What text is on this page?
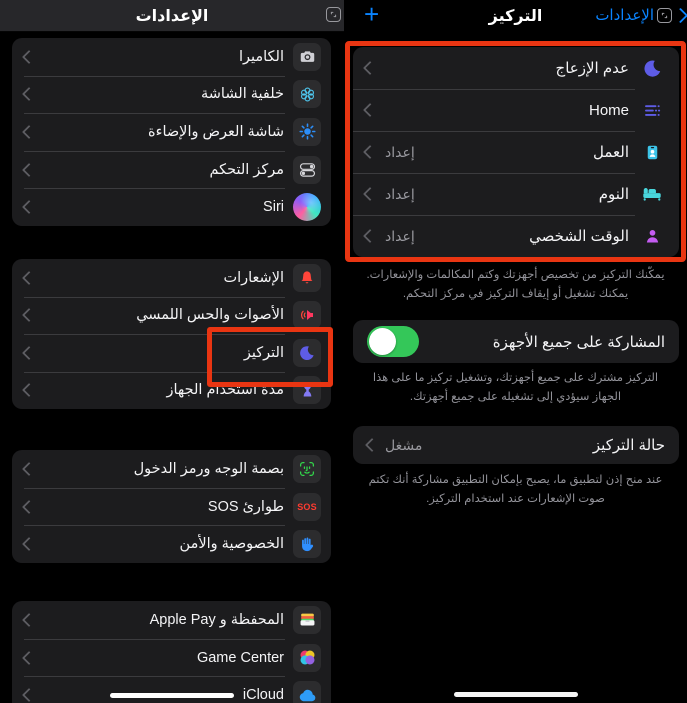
الإعدادات
الكاميرا
خلفية الشاشة
شاشة العرض والإضاءة
مركز التحكم
Siri
الإشعارات
الأصوات والحس اللمسي
التركيز
مدة استخدام الجهاز
بصمة الوجه ورمز الدخول
SOS
طوارئ SOS
الخصوصية والأمن
المحفظة و Apple Pay
Game Center
iCloud
التركيز
+	الإعدادات
عدم الإزعاج
Home
العمل
إعداد
النوم
إعداد
الوقت الشخصي
إعداد
يمكّنك التركيز من تخصيص أجهزتك وكتم المكالمات والإشعارات. يمكنك تشغيل أو إيقاف التركيز في مركز التحكم.
المشاركة على جميع الأجهزة
التركيز مشترك على جميع أجهزتك، وتشغيل تركيز ما على هذا الجهاز سيؤدي إلى تشغيله على جميع أجهزتك.
حالة التركيز
مشغل
عند منح إذن لتطبيق ما، يصبح بإمكان التطبيق مشاركة أنك تكتم صوت الإشعارات عند استخدام التركيز.
